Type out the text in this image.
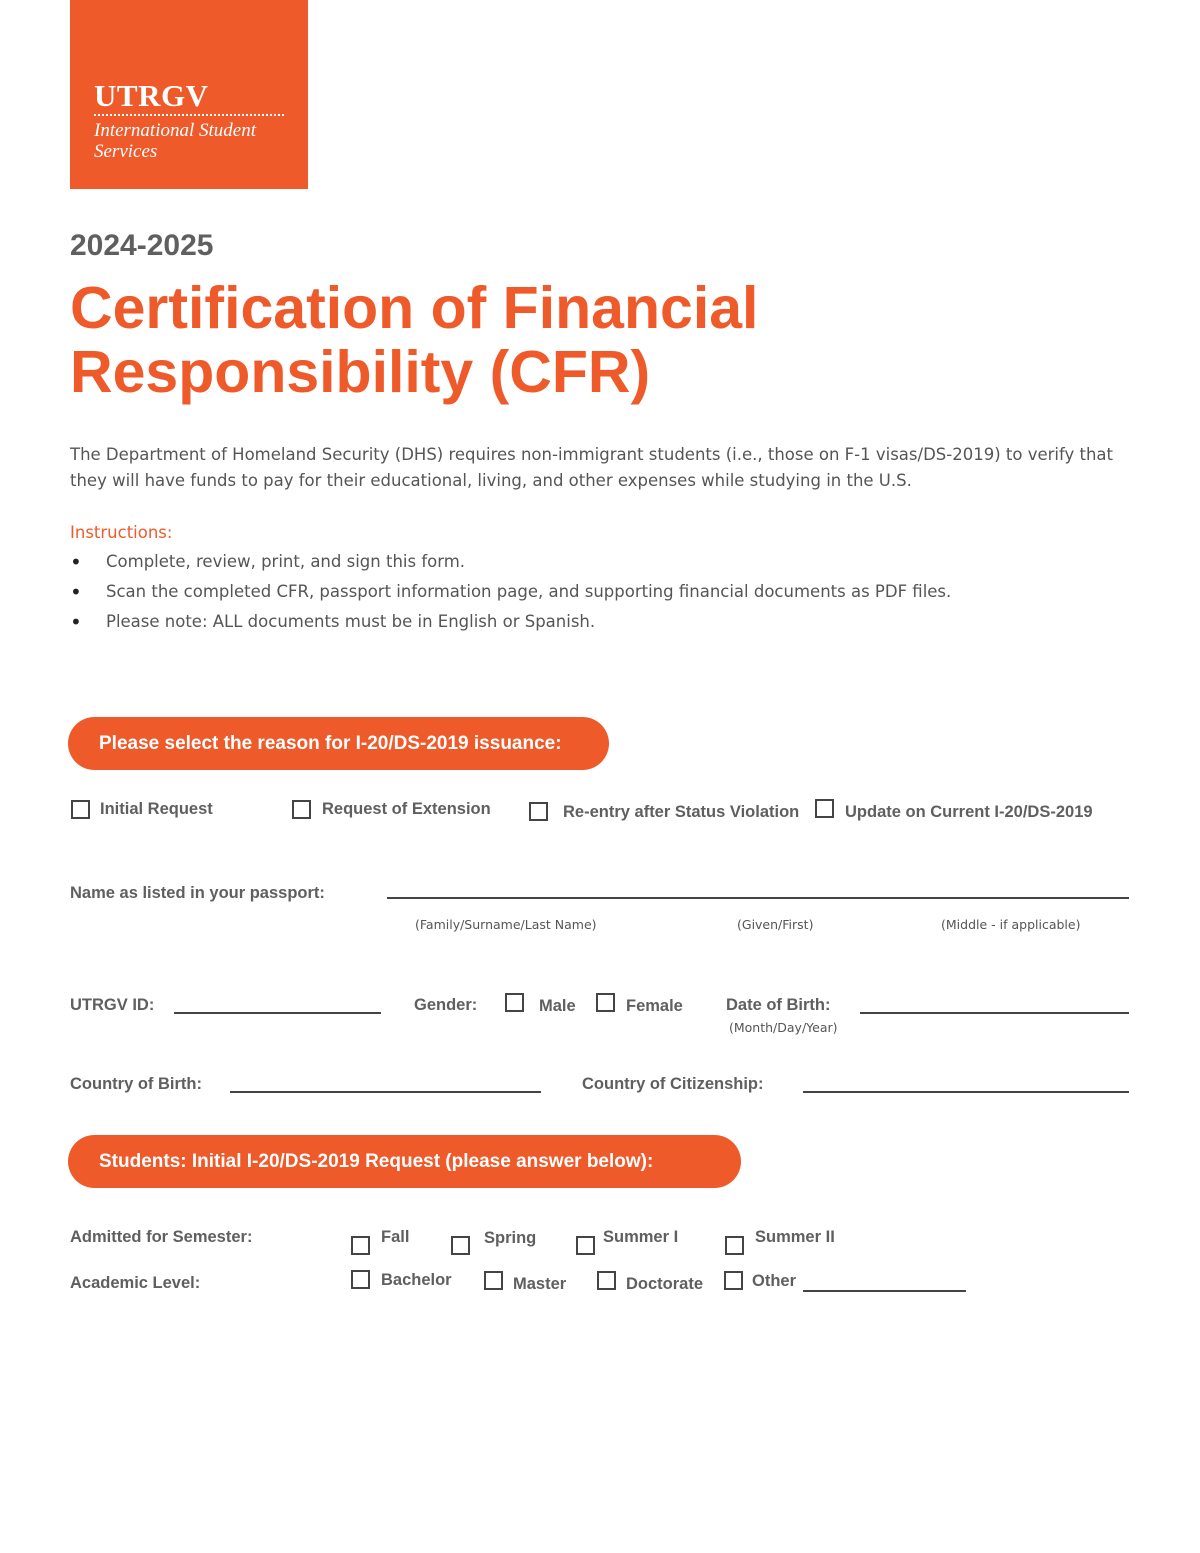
UTRGV
International Student Services
2024-2025
Certification of Financial Responsibility (CFR)
The Department of Homeland Security (DHS) requires non-immigrant students (i.e., those on F-1 visas/DS-2019) to verify that they will have funds to pay for their educational, living, and other expenses while studying in the U.S.
Instructions:
• Complete, review, print, and sign this form.
• Scan the completed CFR, passport information page, and supporting financial documents as PDF files.
• Please note: ALL documents must be in English or Spanish.
Please select the reason for I-20/DS-2019 issuance:
Initial Request	Request of Extension	Re-entry after Status Violation	Update on Current I-20/DS-2019
Name as listed in your passport:
(Family/Surname/Last Name)	(Given/First)	(Middle - if applicable)
UTRGV ID:	Gender:	Male	Female	Date of Birth:
(Month/Day/Year)
Country of Birth:	Country of Citizenship:
Students: Initial I-20/DS-2019 Request (please answer below):
Admitted for Semester:	Fall	Spring	Summer I	Summer II
Academic Level:	Bachelor	Master	Doctorate	Other
